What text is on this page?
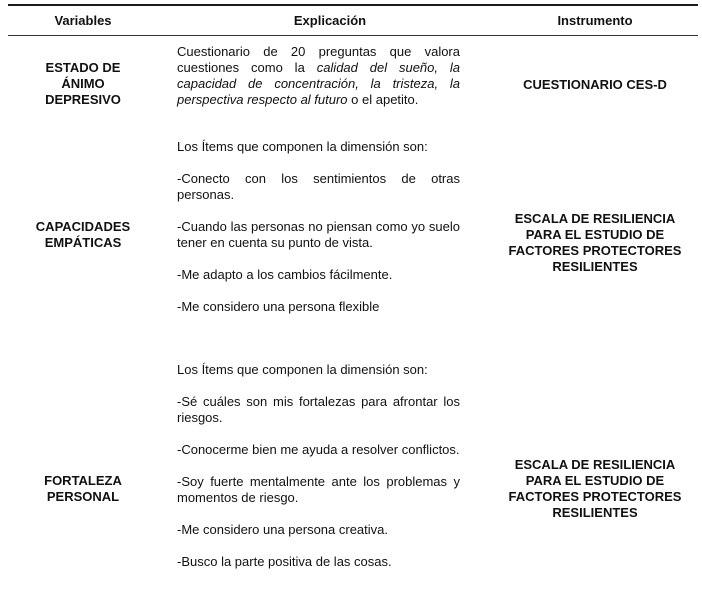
Variables	Explicación	Instrumento
ESTADO DE
ÁNIMO
DEPRESIVO

Cuestionario de 20 preguntas que valora cuestiones como la calidad del sueño, la capacidad de concentración, la tristeza, la perspectiva respecto al futuro o el apetito.

CUESTIONARIO CES-D
CAPACIDADES
EMPÁTICAS

Los Ítems que componen la dimensión son:

-Conecto con los sentimientos de otras personas.

-Cuando las personas no piensan como yo suelo tener en cuenta su punto de vista.

-Me adapto a los cambios fácilmente.

-Me considero una persona flexible

ESCALA DE RESILIENCIA
PARA EL ESTUDIO DE
FACTORES PROTECTORES
RESILIENTES
FORTALEZA
PERSONAL

Los Ítems que componen la dimensión son:

-Sé cuáles son mis fortalezas para afrontar los riesgos.

-Conocerme bien me ayuda a resolver conflictos.

-Soy fuerte mentalmente ante los problemas y momentos de riesgo.

-Me considero una persona creativa.

-Busco la parte positiva de las cosas.

ESCALA DE RESILIENCIA
PARA EL ESTUDIO DE
FACTORES PROTECTORES
RESILIENTES
